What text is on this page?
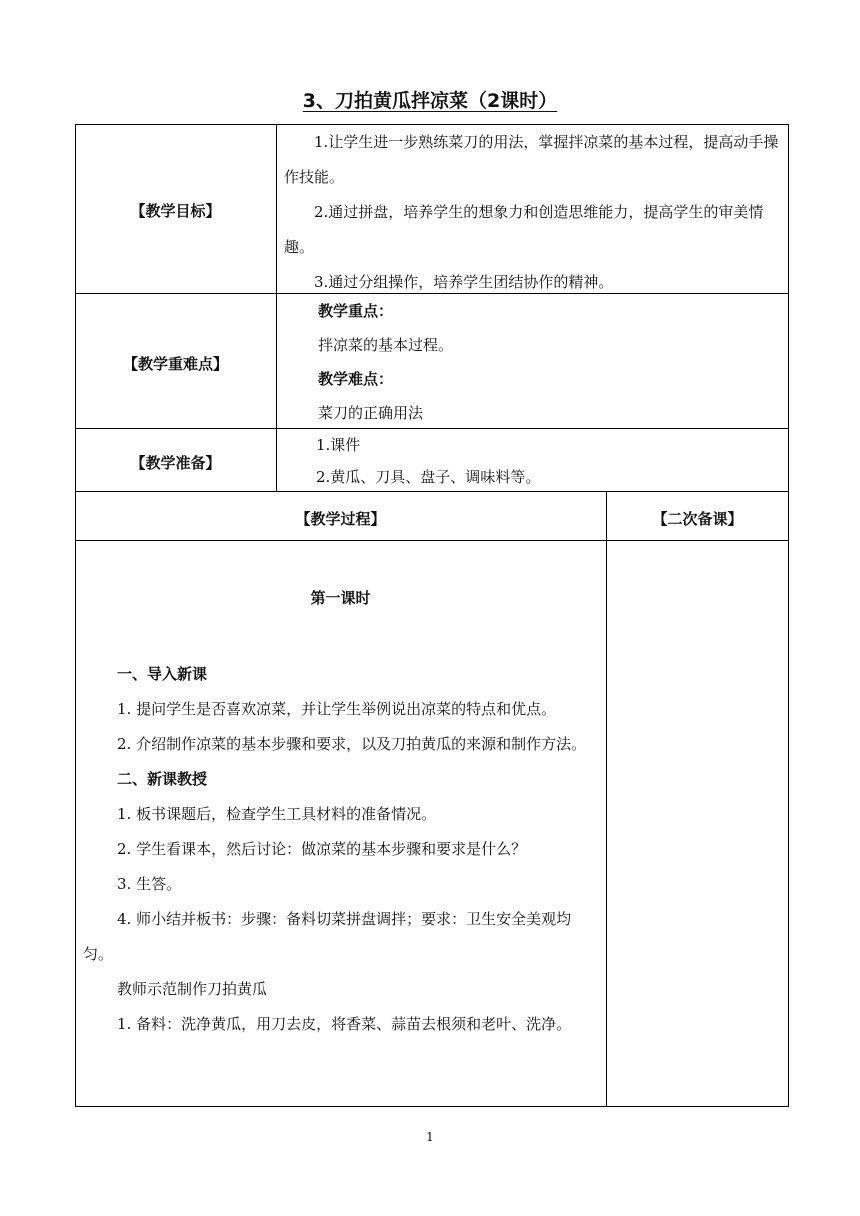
3、刀拍黄瓜拌凉菜（2课时）
【教学目标】

1.让学生进一步熟练菜刀的用法，掌握拌凉菜的基本过程，提高动手操作技能。

2.通过拼盘，培养学生的想象力和创造思维能力，提高学生的审美情趣。

3.通过分组操作，培养学生团结协作的精神。

【教学重难点】

教学重点：

拌凉菜的基本过程。

教学难点：

菜刀的正确用法

【教学准备】

1.课件

2.黄瓜、刀具、盘子、调味料等。

【教学过程】	【二次备课】
第一课时

一、导入新课

1. 提问学生是否喜欢凉菜，并让学生举例说出凉菜的特点和优点。

2. 介绍制作凉菜的基本步骤和要求，以及刀拍黄瓜的来源和制作方法。

二、新课教授

1. 板书课题后，检查学生工具材料的准备情况。

2. 学生看课本，然后讨论：做凉菜的基本步骤和要求是什么？

3. 生答。

4. 师小结并板书：步骤：备料切菜拼盘调拌；要求：卫生安全美观均匀。

教师示范制作刀拍黄瓜

1. 备料：洗净黄瓜，用刀去皮，将香菜、蒜苗去根须和老叶、洗净。

1
